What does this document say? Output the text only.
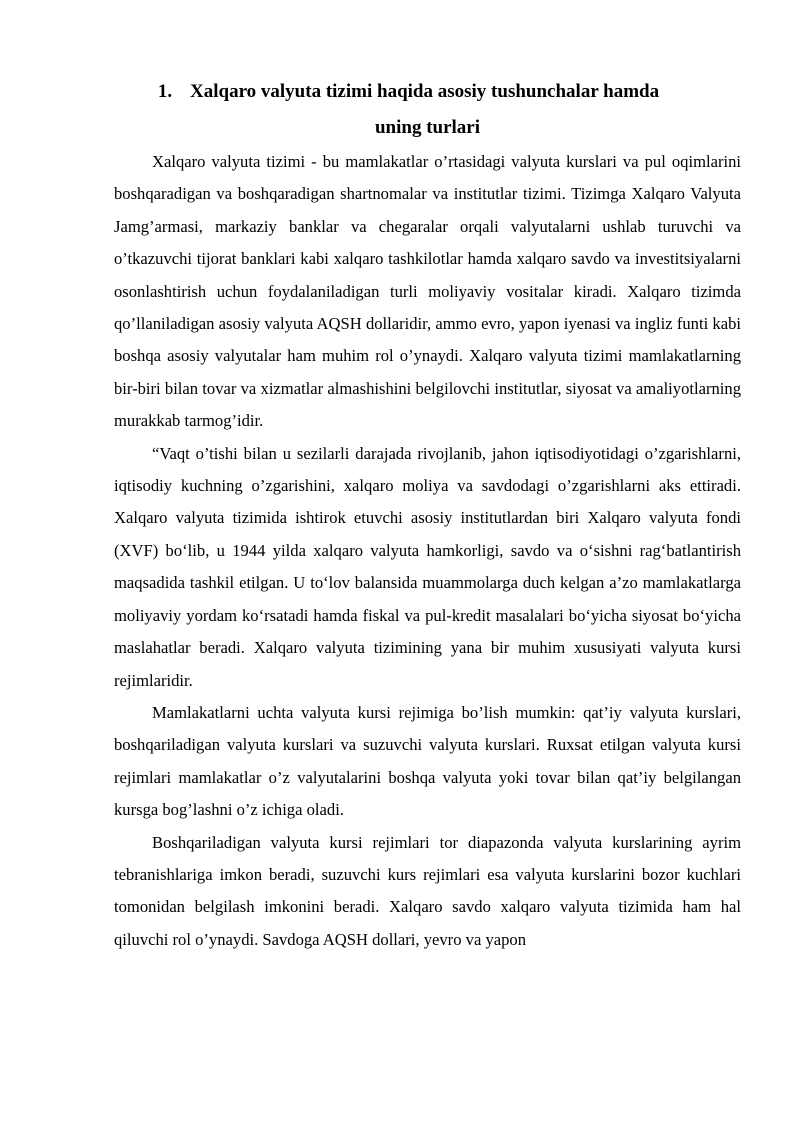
1. Xalqaro valyuta tizimi haqida asosiy tushunchalar hamda
uning turlari

Xalqaro valyuta tizimi - bu mamlakatlar o’rtasidagi valyuta kurslari va pul oqimlarini boshqaradigan va boshqaradigan shartnomalar va institutlar tizimi. Tizimga Xalqaro Valyuta Jamg’armasi, markaziy banklar va chegaralar orqali valyutalarni ushlab turuvchi va o’tkazuvchi tijorat banklari kabi xalqaro tashkilotlar hamda xalqaro savdo va investitsiyalarni osonlashtirish uchun foydalaniladigan turli moliyaviy vositalar kiradi. Xalqaro tizimda qo’llaniladigan asosiy valyuta AQSH dollaridir, ammo evro, yapon iyenasi va ingliz funti kabi boshqa asosiy valyutalar ham muhim rol o’ynaydi. Xalqaro valyuta tizimi mamlakatlarning bir-biri bilan tovar va xizmatlar almashishini belgilovchi institutlar, siyosat va amaliyotlarning murakkab tarmog’idir.

“Vaqt o’tishi bilan u sezilarli darajada rivojlanib, jahon iqtisodiyotidagi o’zgarishlarni, iqtisodiy kuchning o’zgarishini, xalqaro moliya va savdodagi o’zgarishlarni aks ettiradi. Xalqaro valyuta tizimida ishtirok etuvchi asosiy institutlardan biri Xalqaro valyuta fondi (XVF) bo‘lib, u 1944 yilda xalqaro valyuta hamkorligi, savdo va o‘sishni rag‘batlantirish maqsadida tashkil etilgan. U to‘lov balansida muammolarga duch kelgan a’zo mamlakatlarga moliyaviy yordam ko‘rsatadi hamda fiskal va pul-kredit masalalari bo‘yicha siyosat bo‘yicha maslahatlar beradi. Xalqaro valyuta tizimining yana bir muhim xususiyati valyuta kursi rejimlaridir.

Mamlakatlarni uchta valyuta kursi rejimiga bo’lish mumkin: qat’iy valyuta kurslari, boshqariladigan valyuta kurslari va suzuvchi valyuta kurslari. Ruxsat etilgan valyuta kursi rejimlari mamlakatlar o’z valyutalarini boshqa valyuta yoki tovar bilan qat’iy belgilangan kursga bog’lashni o’z ichiga oladi.

Boshqariladigan valyuta kursi rejimlari tor diapazonda valyuta kurslarining ayrim tebranishlariga imkon beradi, suzuvchi kurs rejimlari esa valyuta kurslarini bozor kuchlari tomonidan belgilash imkonini beradi. Xalqaro savdo xalqaro valyuta tizimida ham hal qiluvchi rol o’ynaydi. Savdoga AQSH dollari, yevro va yapon
